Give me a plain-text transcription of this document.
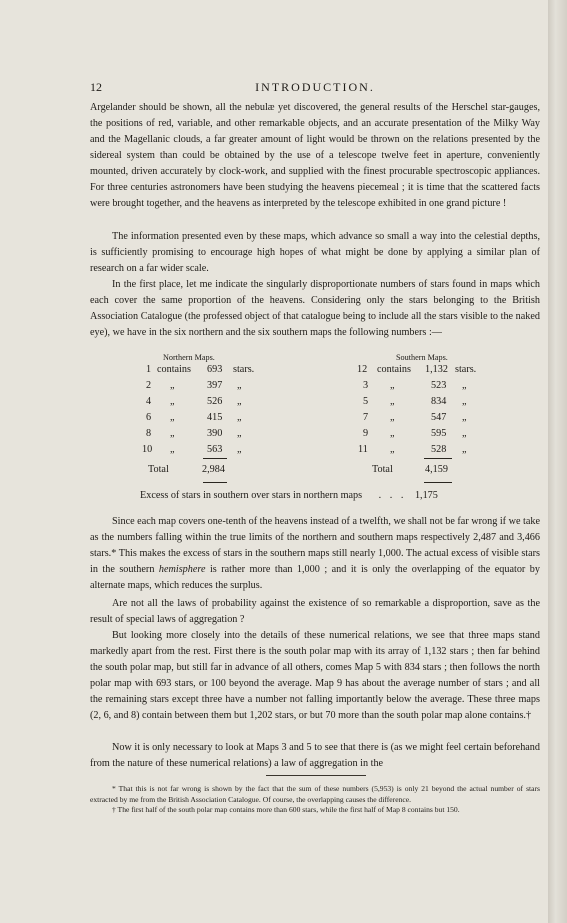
12	INTRODUCTION.

Argelander should be shown, all the nebulæ yet discovered, the general results of the Herschel star-gauges, the positions of red, variable, and other remarkable objects, and an accurate presentation of the Milky Way and the Magellanic clouds, a far greater amount of light would be thrown on the relations presented by the sidereal system than could be obtained by the use of a telescope twelve feet in aperture, conveniently mounted, driven accurately by clock-work, and supplied with the finest procurable spectroscopic appliances. For three centuries astronomers have been studying the heavens piecemeal ; it is time that the scattered facts were brought together, and the heavens as interpreted by the telescope exhibited in one grand picture !

The information presented even by these maps, which advance so small a way into the celestial depths, is sufficiently promising to encourage high hopes of what might be done by applying a similar plan of research on a far wider scale.

In the first place, let me indicate the singularly disproportionate numbers of stars found in maps which each cover the same proportion of the heavens. Considering only the stars belonging to the British Association Catalogue (the professed object of that catalogue being to include all the stars visible to the naked eye), we have in the six northern and the six southern maps the following numbers :—

Northern Maps.
1 contains 693 stars.
2 „	397 „
4 „	526 „
6 „	415 „
8 „	390 „
10 „	563 „
Total	2,984
Southern Maps.
12 contains 1,132 stars.
3 „	523 „
5 „	834 „
7 „	547 „
9 „	595 „
11 „	528 „
Total	4,159
Excess of stars in southern over stars in northern maps . . . 1,175

Since each map covers one-tenth of the heavens instead of a twelfth, we shall not be far wrong if we take as the numbers falling within the true limits of the northern and southern maps respectively 2,487 and 3,466 stars.* This makes the excess of stars in the southern maps still nearly 1,000. The actual excess of visible stars in the southern hemisphere is rather more than 1,000 ; and it is only the overlapping of the equator by alternate maps, which reduces the surplus.

Are not all the laws of probability against the existence of so remarkable a disproportion, save as the result of special laws of aggregation ?

But looking more closely into the details of these numerical relations, we see that three maps stand markedly apart from the rest. First there is the south polar map with its array of 1,132 stars ; then far behind the south polar map, but still far in advance of all others, comes Map 5 with 834 stars ; then follows the north polar map with 693 stars, or 100 beyond the average. Map 9 has about the average number of stars ; and all the remaining stars except three have a number not falling importantly below the average. These three maps (2, 6, and 8) contain between them but 1,202 stars, or but 70 more than the south polar map alone contains.†

Now it is only necessary to look at Maps 3 and 5 to see that there is (as we might feel certain beforehand from the nature of these numerical relations) a law of aggregation in the

* That this is not far wrong is shown by the fact that the sum of these numbers (5,953) is only 21 beyond the actual number of stars extracted by me from the British Association Catalogue. Of course, the overlapping causes the difference.

† The first half of the south polar map contains more than 600 stars, while the first half of Map 8 contains but 150.
